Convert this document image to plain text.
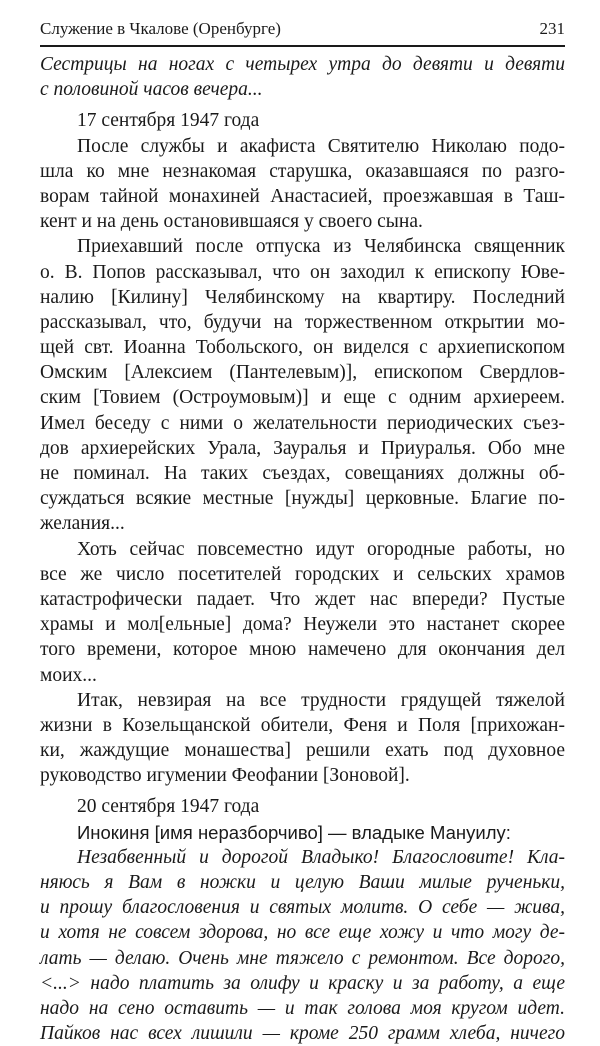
Служение в Чкалове (Оренбурге)	231
Сестрицы на ногах с четырех утра до девяти и девяти
с половиной часов вечера...
17 сентября 1947 года
После службы и акафиста Святителю Николаю подо-
шла ко мне незнакомая старушка, оказавшаяся по разго-
ворам тайной монахиней Анастасией, проезжавшая в Таш-
кент и на день остановившаяся у своего сына.
Приехавший после отпуска из Челябинска священник
о. В. Попов рассказывал, что он заходил к епископу Юве-
налию [Килину] Челябинскому на квартиру. Последний
рассказывал, что, будучи на торжественном открытии мо-
щей свт. Иоанна Тобольского, он виделся с архиепископом
Омским [Алексием (Пантелевым)], епископом Свердлов-
ским [Товием (Остроумовым)] и еще с одним архиереем.
Имел беседу с ними о желательности периодических съез-
дов архиерейских Урала, Зауралья и Приуралья. Обо мне
не поминал. На таких съездах, совещаниях должны об-
суждаться всякие местные [нужды] церковные. Благие по-
желания...
Хоть сейчас повсеместно идут огородные работы, но
все же число посетителей городских и сельских храмов
катастрофически падает. Что ждет нас впереди? Пустые
храмы и мол[ельные] дома? Неужели это настанет скорее
того времени, которое мною намечено для окончания дел
моих...
Итак, невзирая на все трудности грядущей тяжелой
жизни в Козельщанской обители, Феня и Поля [прихожан-
ки, жаждущие монашества] решили ехать под духовное
руководство игумении Феофании [Зоновой].
20 сентября 1947 года
Инокиня [имя неразборчиво] — владыке Мануилу:
Незабвенный и дорогой Владыко! Благословите! Кла-
няюсь я Вам в ножки и целую Ваши милые рученьки,
и прошу благословения и святых молитв. О себе — жива,
и хотя не совсем здорова, но все еще хожу и что могу де-
лать — делаю. Очень мне тяжело с ремонтом. Все дорого,
<...> надо платить за олифу и краску и за работу, а еще
надо на сено оставить — и так голова моя кругом идет.
Пайков нас всех лишили — кроме 250 грамм хлеба, ничего
